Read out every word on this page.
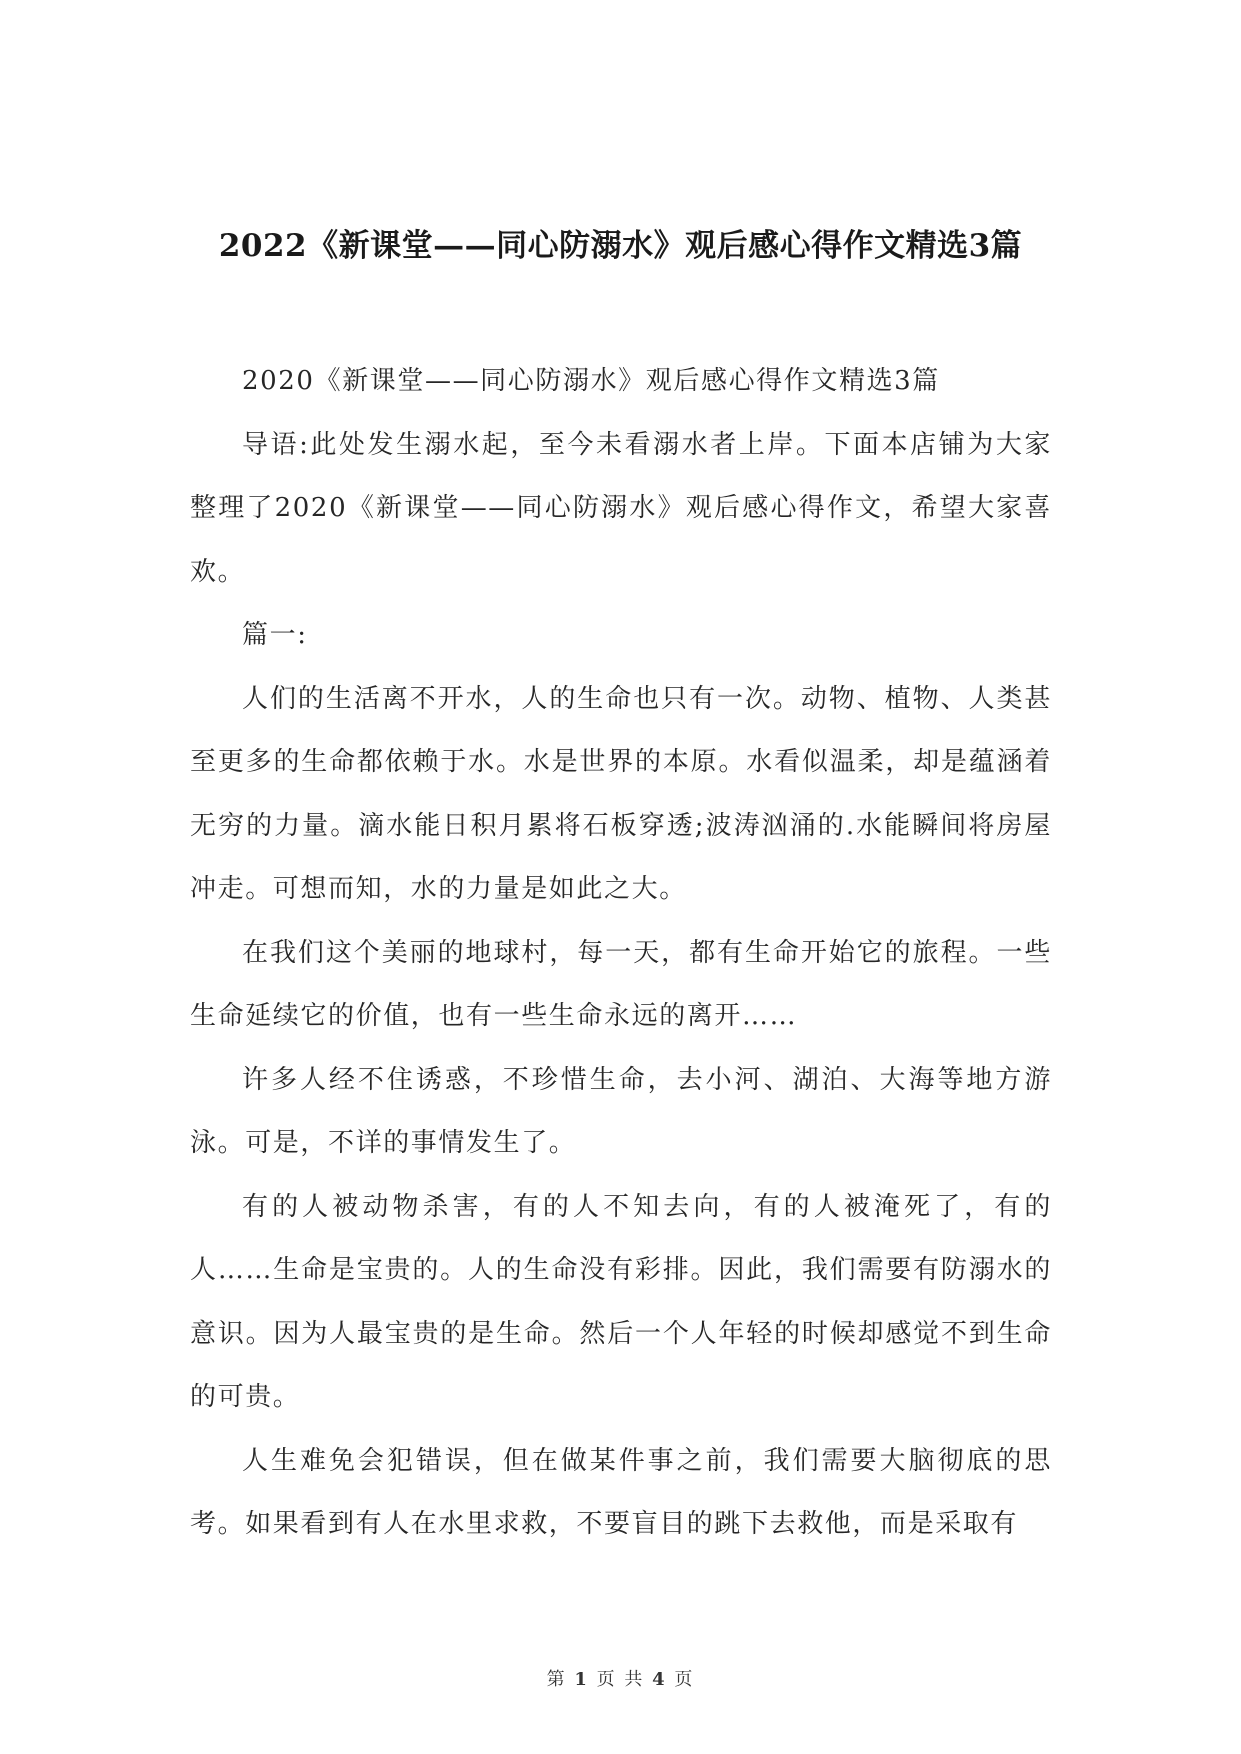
2022《新课堂——同心防溺水》观后感心得作文精选3篇

2020《新课堂——同心防溺水》观后感心得作文精选3篇

导语:此处发生溺水起，至今未看溺水者上岸。下面本店铺为大家整理了2020《新课堂——同心防溺水》观后感心得作文，希望大家喜欢。

篇一:

人们的生活离不开水，人的生命也只有一次。动物、植物、人类甚至更多的生命都依赖于水。水是世界的本原。水看似温柔，却是蕴涵着无穷的力量。滴水能日积月累将石板穿透;波涛汹涌的.水能瞬间将房屋冲走。可想而知，水的力量是如此之大。

在我们这个美丽的地球村，每一天，都有生命开始它的旅程。一些生命延续它的价值，也有一些生命永远的离开……

许多人经不住诱惑，不珍惜生命，去小河、湖泊、大海等地方游泳。可是，不详的事情发生了。

有的人被动物杀害，有的人不知去向，有的人被淹死了，有的人……生命是宝贵的。人的生命没有彩排。因此，我们需要有防溺水的意识。因为人最宝贵的是生命。然后一个人年轻的时候却感觉不到生命的可贵。

人生难免会犯错误，但在做某件事之前，我们需要大脑彻底的思考。如果看到有人在水里求救，不要盲目的跳下去救他，而是采取有

第 1 页 共 4 页
